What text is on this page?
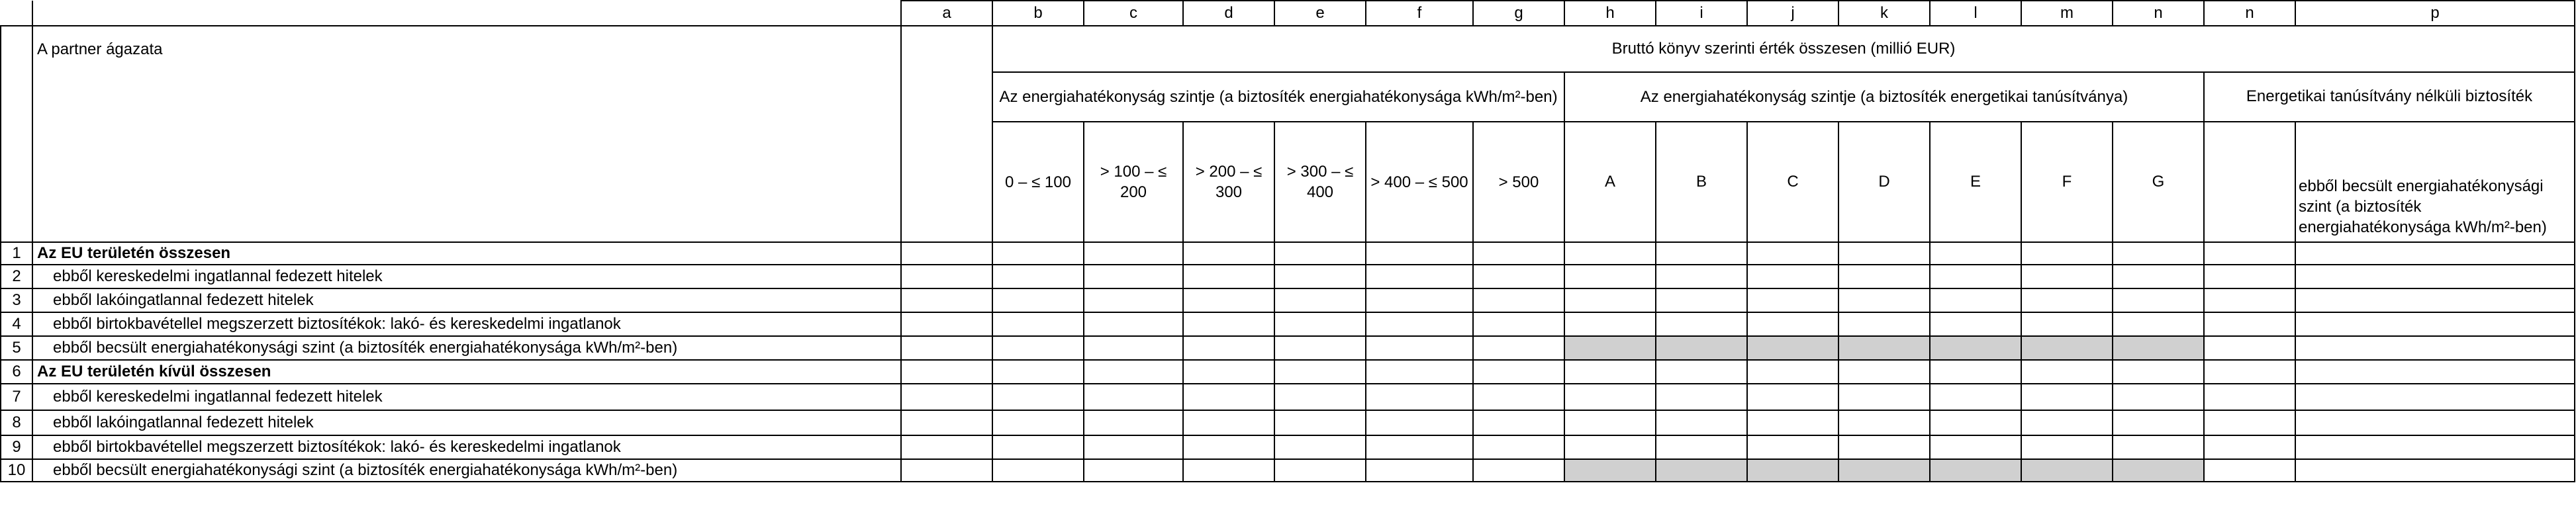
		a	b	c	d	e	f	g	h	i	j	k	l	m	n	n	p
	A partner ágazata		Bruttó könyv szerinti érték összesen (millió EUR)														
			Az energiahatékonyság szintje (a biztosíték energiahatékonysága kWh/m²-ben)						Az energiahatékonyság szintje (a biztosíték energetikai tanúsítványa)							Energetikai tanúsítvány nélküli biztosíték	
			0 – ≤ 100	> 100 – ≤ 200	> 200 – ≤ 300	> 300 – ≤ 400	> 400 – ≤ 500	> 500	A	B	C	D	E	F	G		ebből becsült energiahatékonysági szint (a biztosíték energiahatékonysága kWh/m²-ben)
1	Az EU területén összesen																
2	ebből kereskedelmi ingatlannal fedezett hitelek																
3	ebből lakóingatlannal fedezett hitelek																
4	ebből birtokbavétellel megszerzett biztosítékok: lakó- és kereskedelmi ingatlanok																
5	ebből becsült energiahatékonysági szint (a biztosíték energiahatékonysága kWh/m²-ben)																
6	Az EU területén kívül összesen																
7	ebből kereskedelmi ingatlannal fedezett hitelek																
8	ebből lakóingatlannal fedezett hitelek																
9	ebből birtokbavétellel megszerzett biztosítékok: lakó- és kereskedelmi ingatlanok																
10	ebből becsült energiahatékonysági szint (a biztosíték energiahatékonysága kWh/m²-ben)																
